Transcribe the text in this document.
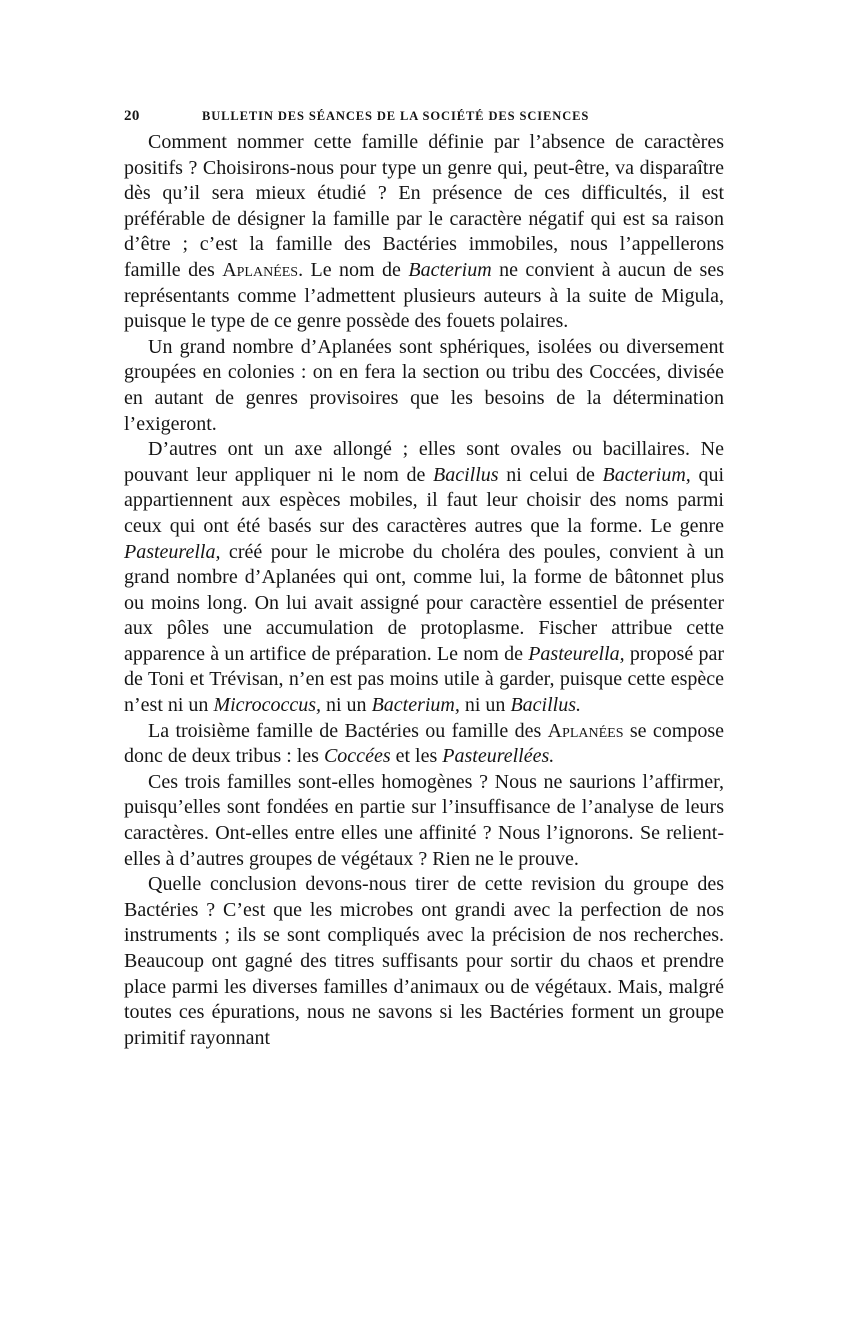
20	BULLETIN DES SÉANCES DE LA SOCIÉTÉ DES SCIENCES

Comment nommer cette famille définie par l’absence de caractères positifs ? Choisirons-nous pour type un genre qui, peut-être, va disparaître dès qu’il sera mieux étudié ? En présence de ces difficultés, il est préférable de désigner la famille par le caractère négatif qui est sa raison d’être ; c’est la famille des Bactéries immobiles, nous l’appellerons famille des Aplanées. Le nom de Bacterium ne convient à aucun de ses représentants comme l’admettent plusieurs auteurs à la suite de Migula, puisque le type de ce genre possède des fouets polaires.

Un grand nombre d’Aplanées sont sphériques, isolées ou diversement groupées en colonies : on en fera la section ou tribu des Coccées, divisée en autant de genres provisoires que les besoins de la détermination l’exigeront.

D’autres ont un axe allongé ; elles sont ovales ou bacillaires. Ne pouvant leur appliquer ni le nom de Bacillus ni celui de Bacterium, qui appartiennent aux espèces mobiles, il faut leur choisir des noms parmi ceux qui ont été basés sur des caractères autres que la forme. Le genre Pasteurella, créé pour le microbe du choléra des poules, convient à un grand nombre d’Aplanées qui ont, comme lui, la forme de bâtonnet plus ou moins long. On lui avait assigné pour caractère essentiel de présenter aux pôles une accumulation de protoplasme. Fischer attribue cette apparence à un artifice de préparation. Le nom de Pasteurella, proposé par de Toni et Trévisan, n’en est pas moins utile à garder, puisque cette espèce n’est ni un Micrococcus, ni un Bacterium, ni un Bacillus.

La troisième famille de Bactéries ou famille des Aplanées se compose donc de deux tribus : les Coccées et les Pasteurellées.

Ces trois familles sont-elles homogènes ? Nous ne saurions l’affirmer, puisqu’elles sont fondées en partie sur l’insuffisance de l’analyse de leurs caractères. Ont-elles entre elles une affinité ? Nous l’ignorons. Se relient-elles à d’autres groupes de végétaux ? Rien ne le prouve.

Quelle conclusion devons-nous tirer de cette revision du groupe des Bactéries ? C’est que les microbes ont grandi avec la perfection de nos instruments ; ils se sont compliqués avec la précision de nos recherches. Beaucoup ont gagné des titres suffisants pour sortir du chaos et prendre place parmi les diverses familles d’animaux ou de végétaux. Mais, malgré toutes ces épurations, nous ne savons si les Bactéries forment un groupe primitif rayonnant
